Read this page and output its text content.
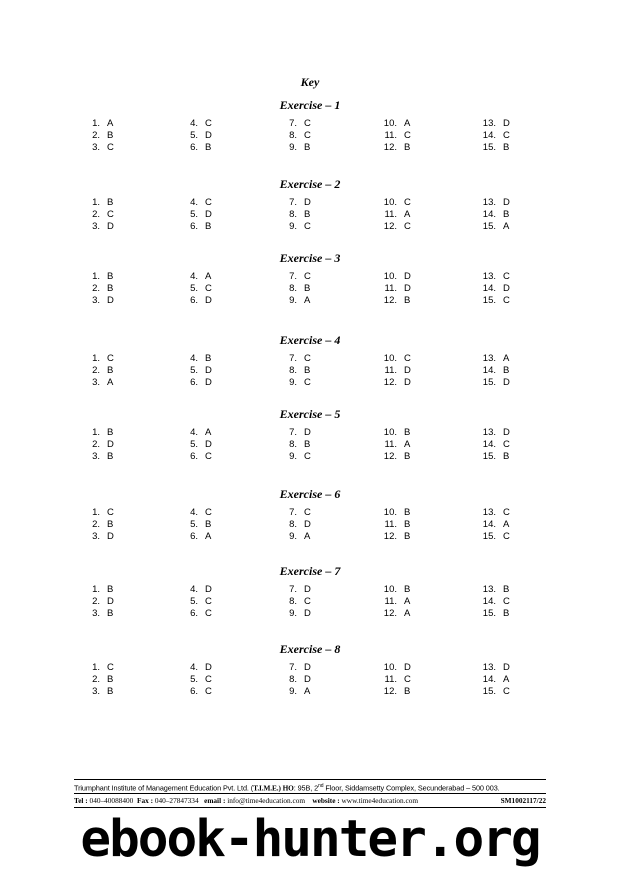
Key
Exercise – 1
1. A
2. B
3. C
4. C
5. D
6. B
7. C
8. C
9. B
10. A
11. C
12. B
13. D
14. C
15. B
Exercise – 2
1. B
2. C
3. D
4. C
5. D
6. B
7. D
8. B
9. C
10. C
11. A
12. C
13. D
14. B
15. A
Exercise – 3
1. B
2. B
3. D
4. A
5. C
6. D
7. C
8. B
9. A
10. D
11. D
12. B
13. C
14. D
15. C
Exercise – 4
1. C
2. B
3. A
4. B
5. D
6. D
7. C
8. B
9. C
10. C
11. D
12. D
13. A
14. B
15. D
Exercise – 5
1. B
2. D
3. B
4. A
5. D
6. C
7. D
8. B
9. C
10. B
11. A
12. B
13. D
14. C
15. B
Exercise – 6
1. C
2. B
3. D
4. C
5. B
6. A
7. C
8. D
9. A
10. B
11. B
12. B
13. C
14. A
15. C
Exercise – 7
1. B
2. D
3. B
4. D
5. C
6. C
7. D
8. C
9. D
10. B
11. A
12. A
13. B
14. C
15. B
Exercise – 8
1. C
2. B
3. B
4. D
5. C
6. C
7. D
8. D
9. A
10. D
11. C
12. B
13. D
14. A
15. C
Triumphant Institute of Management Education Pvt. Ltd. (T.I.M.E.) HO: 95B, 2nd Floor, Siddamsetty Complex, Secunderabad – 500 003.
Tel : 040–40088400 Fax : 040–27847334 email : info@time4education.com website : www.time4education.com	SM1002117/22
ebook-hunter.org
